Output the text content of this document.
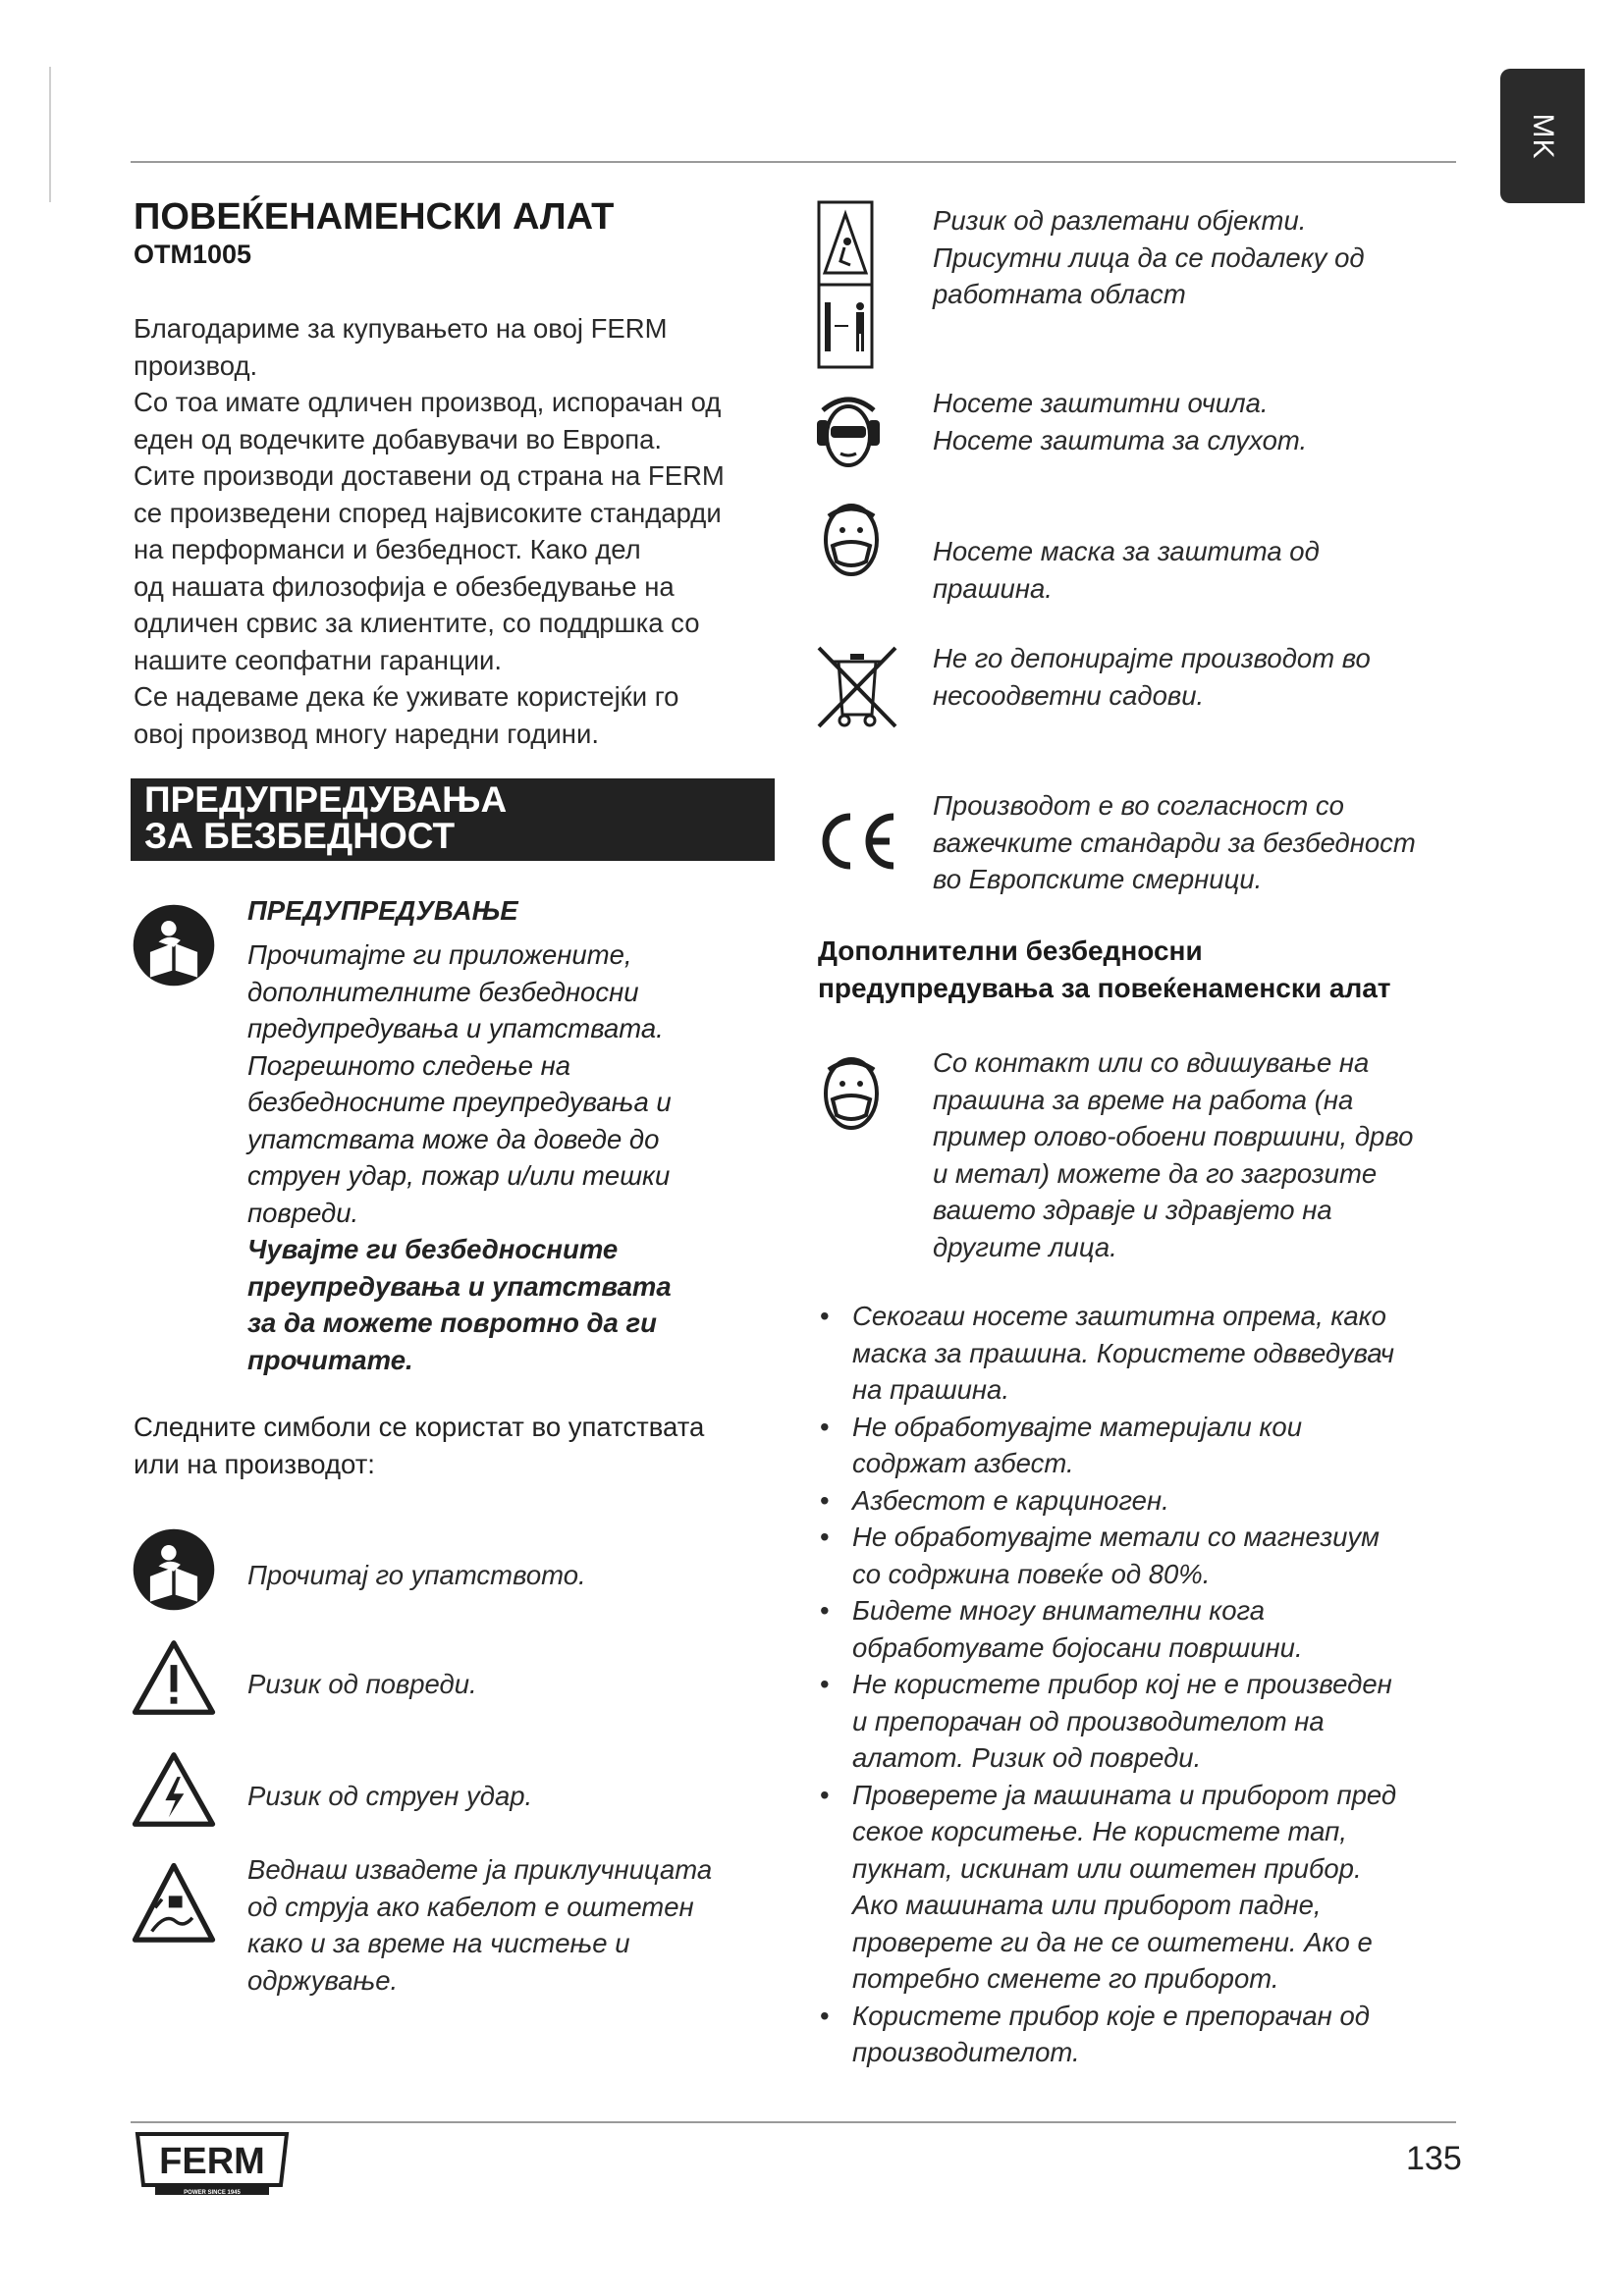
MK
ПОВЕЌЕНАМЕНСКИ АЛАТ
OTM1005
Благодариме за купувањето на овој FERM
производ.
Со тоа имате одличен производ, испорачан од
еден од водечките добавувачи во Европа.
Сите производи доставени од страна на FERM
се произведени според највисоките стандарди
на перформанси и безбедност. Како дел
од нашата филозофија е обезбедување на
одличен срвис за клиентите, со поддршка со
нашите сеопфатни гаранции.
Се надеваме дека ќе уживате користејќи го
овој производ многу наредни години.
ПРЕДУПРЕДУВАЊА
ЗА БЕЗБЕДНОСТ
ПРЕДУПРЕДУВАЊЕ
Прочитајте ги приложените,
дополнителните безбедносни
предупредувања и упатствата.
Погрешното следење на
безбедносните преупредувања и
упатствата може да доведе до
струен удар, пожар и/или тешки
повреди.
Чувајте ги безбедносните
преупредувања и упатствата
за да можете повротно да ги
прочитате.
Следните симболи се користат во упатствата
или на производот:
Прочитај го упатството.
Ризик од повреди.
Ризик од струен удар.
Веднаш извадете ја приклучницата
од струја ако кабелот е оштетен
како и за време на чистење и
одржување.
Ризик од разлетани објекти.
Присутни лица да се подалеку од
работната област
Носете заштитни очила.
Носете заштита за слухот.
Носете маска за заштита од
прашина.
Не го депонирајте производот во
несоодветни садови.
Производот е во согласност со
важечките стандарди за безбедност
во Европските смерници.
Дополнителни безбедносни
предупредувања за повеќенаменски алат
Со контакт или со вдишување на
прашина за време на работа (на
пример олово-обоени површини, дрво
и метал) можете да го загрозите
вашето здравје и здравјето на
другите лица.
• Секогаш носете заштитна опрема, како
маска за прашина. Користете одвведувач
на прашина.
• Не обработувајте материјали кои
содржат азбест.
• Азбестот е карциноген.
• Не обработувајте метали со магнезиум
со содржина повеќе од 80%.
• Бидете многу внимателни кога
обработувате бојосани површини.
• Не користете прибор кој не е произведен
и препорачан од производителот на
алатот. Ризик од повреди.
• Проверете ја машината и приборот пред
секое корситење. Не користете тап,
пукнат, искинат или оштетен прибор.
Ако машината или приборот падне,
проверете ги да не се оштетени. Ако е
потребно сменете го приборот.
• Користете прибор које е препорачан од
производителот.
FERM
POWER SINCE 1945
135
